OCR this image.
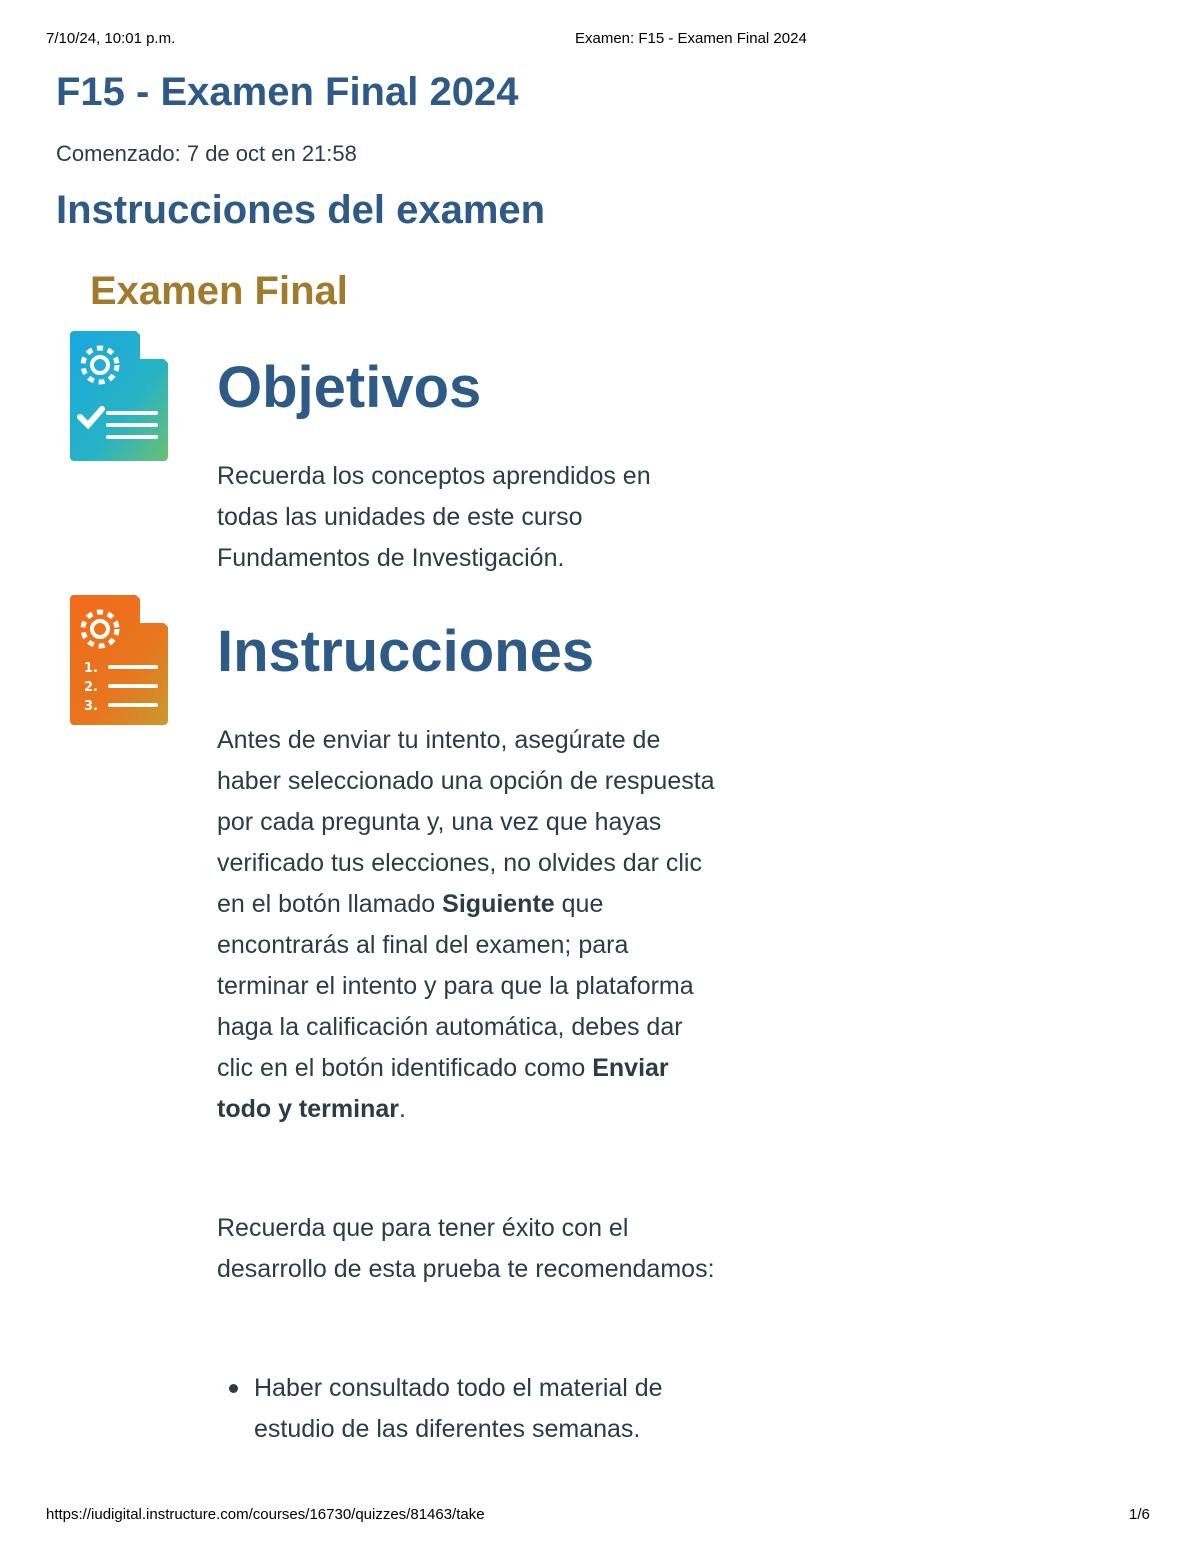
7/10/24, 10:01 p.m.	Examen: F15 - Examen Final 2024
F15 - Examen Final 2024
Comenzado: 7 de oct en 21:58
Instrucciones del examen
Examen Final
Objetivos

Recuerda los conceptos aprendidos en todas las unidades de este curso Fundamentos de Investigación.

1.
2.
3.
Instrucciones

Antes de enviar tu intento, asegúrate de haber seleccionado una opción de respuesta por cada pregunta y, una vez que hayas verificado tus elecciones, no olvides dar clic en el botón llamado Siguiente que encontrarás al final del examen; para terminar el intento y para que la plataforma haga la calificación automática, debes dar clic en el botón identificado como Enviar todo y terminar.

Recuerda que para tener éxito con el desarrollo de esta prueba te recomendamos:

Haber consultado todo el material de estudio de las diferentes semanas.
https://iudigital.instructure.com/courses/16730/quizzes/81463/take	1/6
